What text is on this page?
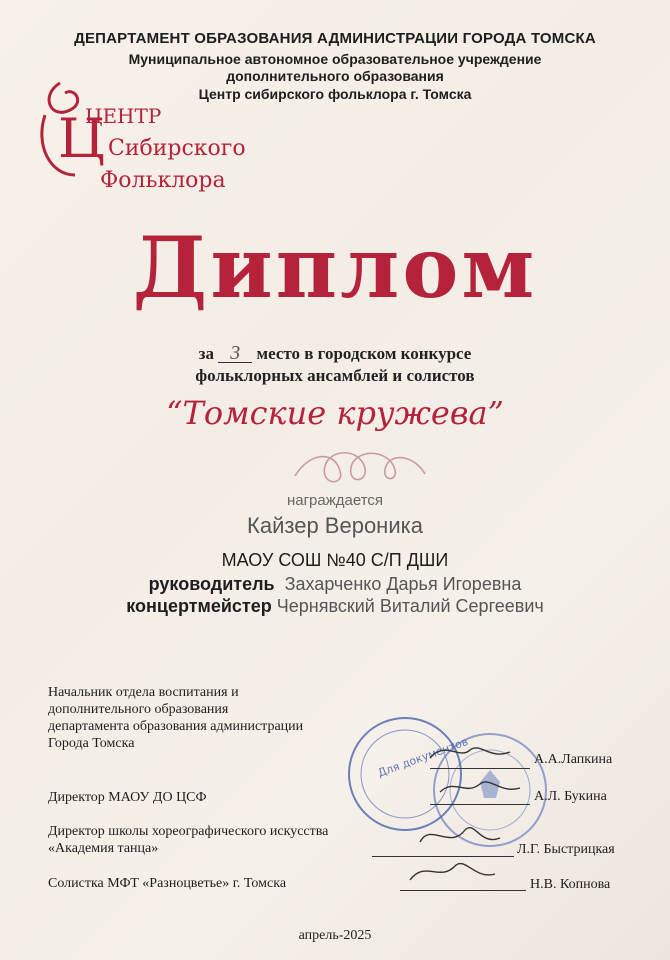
ДЕПАРТАМЕНТ ОБРАЗОВАНИЯ АДМИНИСТРАЦИИ ГОРОДА ТОМСКА
Муниципальное автономное образовательное учреждение
дополнительного образования
Центр сибирского фольклора г. Томска
Ц
ЦЕНТР
Сибирского
Фольклора
Диплом
за 3 место в городском конкурсе
фольклорных ансамблей и солистов
“Томские кружева”
награждается
Кайзер Вероника
МАОУ СОШ №40 С/П ДШИ
руководитель Захарченко Дарья Игоревна
концертмейстер Чернявский Виталий Сергеевич
Начальник отдела воспитания и дополнительного образования департамента образования администрации Города Томска
Директор МАОУ ДО ЦСФ
Директор школы хореографического искусства «Академия танца»
Солистка МФТ «Разноцветье» г. Томска
Для документов	А.А.Лапкина
А.Л. Букина
Л.Г. Быстрицкая
Н.В. Копнова
апрель-2025
